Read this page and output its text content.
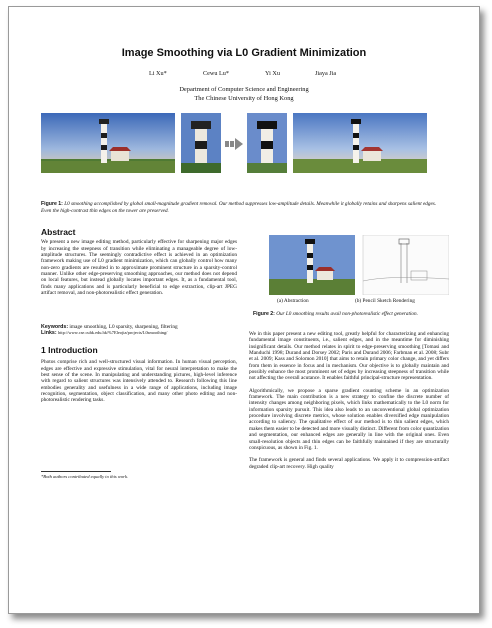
Image Smoothing via L0 Gradient Minimization
Li Xu*	Cewu Lu*	Yi Xu	Jiaya Jia
Department of Computer Science and Engineering
The Chinese University of Hong Kong
Figure 1: L0 smoothing accomplished by global small-magnitude gradient removal. Our method suppresses low-amplitude details. Meanwhile it globally retains and sharpens salient edges. Even the high-contrast thin edges on the tower are preserved.
Abstract
We present a new image editing method, particularly effective for sharpening major edges by increasing the steepness of transition while eliminating a manageable degree of low-amplitude structures. The seemingly contradictive effect is achieved in an optimization framework making use of L0 gradient minimization, which can globally control how many non-zero gradients are resulted in to approximate prominent structure in a sparsity-control manner. Unlike other edge-preserving smoothing approaches, our method does not depend on local features, but instead globally locates important edges. It, as a fundamental tool, finds many applications and is particularly beneficial to edge extraction, clip-art JPEG artifact removal, and non-photorealistic effect generation.
Keywords: image smoothing, L0 sparsity, sharpening, filtering
Links: http://www.cse.cuhk.edu.hk/%7Eleojia/projects/L0smoothing/
1 Introduction
Photos comprise rich and well-structured visual information. In human visual perception, edges are effective and expressive stimulation, vital for neural interpretation to make the best sense of the scene. In manipulating and understanding pictures, high-level inference with regard to salient structures was intensively attended to. Research following this line embodies generality and usefulness in a wide range of applications, including image recognition, segmentation, object classification, and many other photo editing and non-photorealistic rendering tasks.
*Both authors contributed equally to this work.
(a) Abstraction	(b) Pencil Sketch Rendering
Figure 2: Our L0 smoothing results avail non-photorealistic effect generation.

We in this paper present a new editing tool, greatly helpful for characterizing and enhancing fundamental image constituents, i.e., salient edges, and in the meantime for diminishing insignificant details. Our method relates in spirit to edge-preserving smoothing [Tomasi and Manduchi 1998; Durand and Dorsey 2002; Paris and Durand 2006; Farbman et al. 2008; Subr et al. 2009; Kass and Solomon 2010] that aims to retain primary color change, and yet differs from them in essence in focus and in mechanism. Our objective is to globally maintain and possibly enhance the most prominent set of edges by increasing steepness of transition while not affecting the overall acutance. It enables faithful principal-structure representation.

Algorithmically, we propose a sparse gradient counting scheme in an optimization framework. The main contribution is a new strategy to confine the discrete number of intensity changes among neighboring pixels, which links mathematically to the L0 norm for information sparsity pursuit. This idea also leads to an unconventional global optimization procedure involving discrete metrics, whose solution enables diversified edge manipulation according to saliency. The qualitative effect of our method is to thin salient edges, which makes them easier to be detected and more visually distinct. Different from color quantization and segmentation, our enhanced edges are generally in line with the original ones. Even small-resolution objects and thin edges can be faithfully maintained if they are structurally conspicuous, as shown in Fig. 1.

The framework is general and finds several applications. We apply it to compression-artifact degraded clip-art recovery. High quality
